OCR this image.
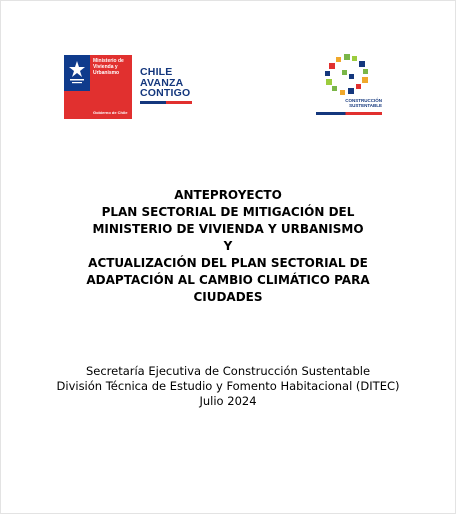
Ministerio de Vivienda y Urbanismo
Gobierno de Chile
CHILE
AVANZA
CONTIGO
CONSTRUCCIÓN
SUSTENTABLE
ANTEPROYECTO
PLAN SECTORIAL DE MITIGACIÓN DEL
MINISTERIO DE VIVIENDA Y URBANISMO
Y
ACTUALIZACIÓN DEL PLAN SECTORIAL DE
ADAPTACIÓN AL CAMBIO CLIMÁTICO PARA
CIUDADES
Secretaría Ejecutiva de Construcción Sustentable
División Técnica de Estudio y Fomento Habitacional (DITEC)
Julio 2024
